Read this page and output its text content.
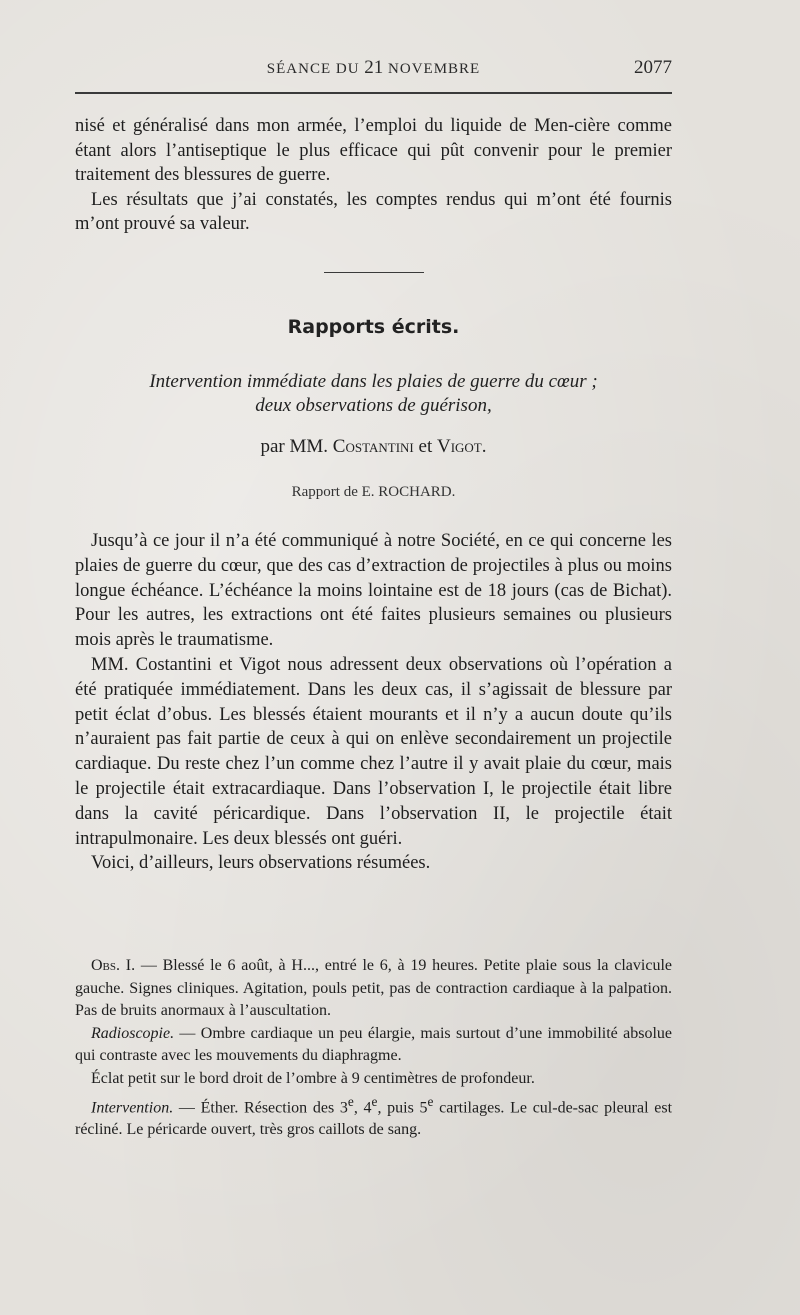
SÉANCE DU 21 NOVEMBRE	2077

nisé et généralisé dans mon armée, l’emploi du liquide de Men-cière comme étant alors l’antiseptique le plus efficace qui pût convenir pour le premier traitement des blessures de guerre.

Les résultats que j’ai constatés, les comptes rendus qui m’ont été fournis m’ont prouvé sa valeur.

Rapports écrits.
Intervention immédiate dans les plaies de guerre du cœur ;
deux observations de guérison,
par MM. Costantini et Vigot.
Rapport de E. ROCHARD.

Jusqu’à ce jour il n’a été communiqué à notre Société, en ce qui concerne les plaies de guerre du cœur, que des cas d’extraction de projectiles à plus ou moins longue échéance. L’échéance la moins lointaine est de 18 jours (cas de Bichat). Pour les autres, les extractions ont été faites plusieurs semaines ou plusieurs mois après le traumatisme.

MM. Costantini et Vigot nous adressent deux observations où l’opération a été pratiquée immédiatement. Dans les deux cas, il s’agissait de blessure par petit éclat d’obus. Les blessés étaient mourants et il n’y a aucun doute qu’ils n’auraient pas fait partie de ceux à qui on enlève secondairement un projectile cardiaque. Du reste chez l’un comme chez l’autre il y avait plaie du cœur, mais le projectile était extracardiaque. Dans l’observation I, le projectile était libre dans la cavité péricardique. Dans l’observation II, le projectile était intrapulmonaire. Les deux blessés ont guéri.

Voici, d’ailleurs, leurs observations résumées.

Obs. I. — Blessé le 6 août, à H..., entré le 6, à 19 heures. Petite plaie sous la clavicule gauche. Signes cliniques. Agitation, pouls petit, pas de contraction cardiaque à la palpation. Pas de bruits anormaux à l’auscultation.

Radioscopie. — Ombre cardiaque un peu élargie, mais surtout d’une immobilité absolue qui contraste avec les mouvements du diaphragme.

Éclat petit sur le bord droit de l’ombre à 9 centimètres de profondeur.

Intervention. — Éther. Résection des 3e, 4e, puis 5e cartilages. Le cul-de-sac pleural est récliné. Le péricarde ouvert, très gros caillots de sang.
